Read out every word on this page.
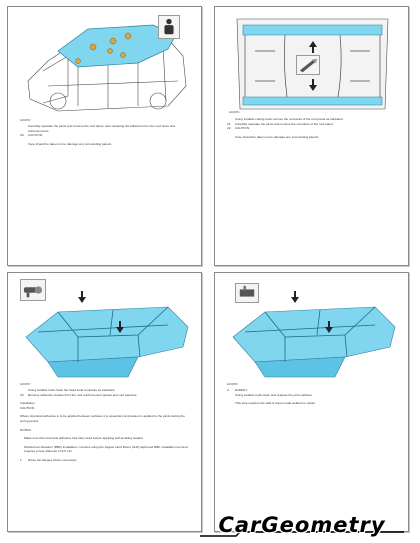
E193053
Carefully separate the joints and remove the roof panel, also releasing the adhesive from the roof bows and reinforcements.
20.	CAUTION:
Care should be taken not to damage any surrounding panels.
E193054
Using suitable cutting tools remove the remnants of the roof panel as indicated.
21.	Carefully separate the joints and remove the remnants of the roof panel.
22.	CAUTION:
Care should be taken not to damage any surrounding panels.
E193057
Using suitable tools clean the bead local remnants as indicated.
23.	Remove adhesive residue from the roof reinforcement panels and roof aperture.
Installation
CAUTION:
Where structural adhesive is to be applied between surfaces it is essential compression is applied to the joints during the curing period.
NOTES:
Make sure that structural adhesive has fully cured before applying self-levelling sealant.
Windscreen Retainer (RBF) installation: involves using the Jaguar Land Rover (JLR) approved RBF installation tool and requires a hole diameter of 6.5 mm.
1.	Dress the flanges where necessary.
E193058
2.	E193917
Using suitable tools clean and prepare the joint surfaces.
This step requires the skill of sheet metal welders to repair.
CarGeometry
